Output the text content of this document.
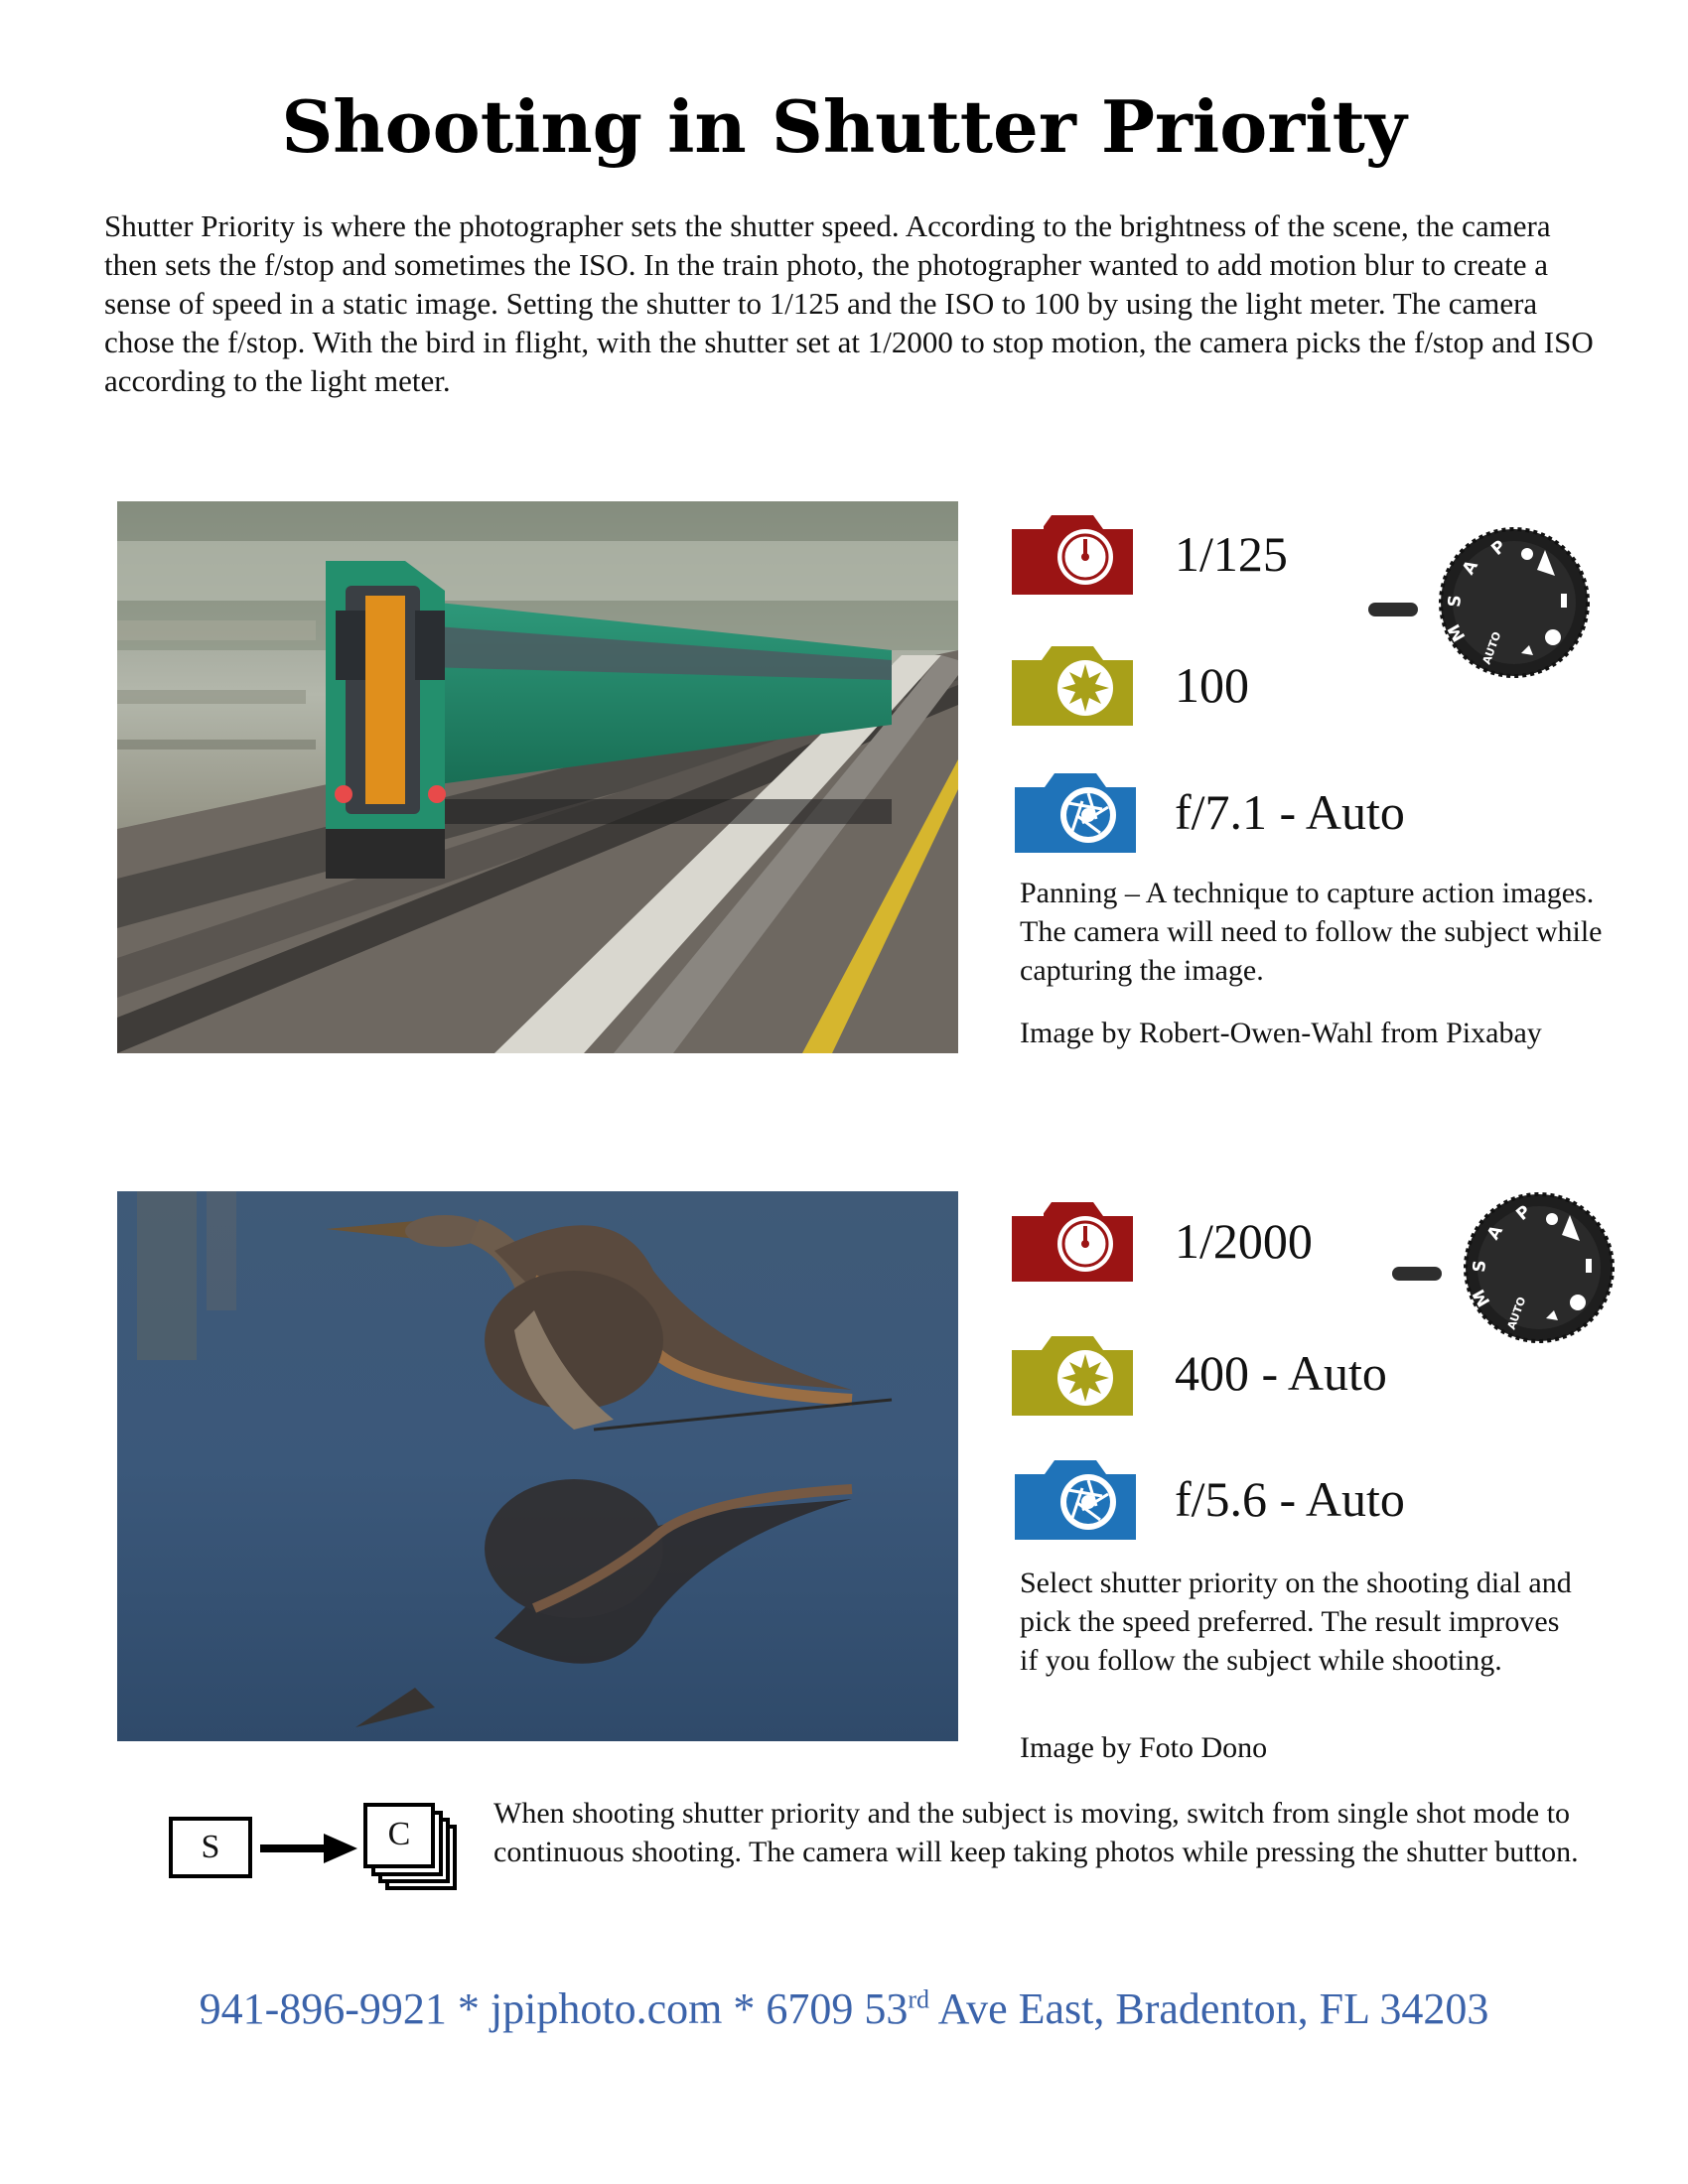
Shooting in Shutter Priority
Shutter Priority is where the photographer sets the shutter speed. According to the brightness of the scene, the camera then sets the f/stop and sometimes the ISO. In the train photo, the photographer wanted to add motion blur to create a sense of speed in a static image. Setting the shutter to 1/125 and the ISO to 100 by using the light meter. The camera chose the f/stop. With the bird in flight, with the shutter set at 1/2000 to stop motion, the camera picks the f/stop and ISO according to the light meter.
1/125
100
f/7.1 - Auto
P
A
S
M AUTO
Panning – A technique to capture action images. The camera will need to follow the subject while capturing the image.
Image by Robert-Owen-Wahl from Pixabay
1/2000
400 - Auto
f/5.6 - Auto
P
A
S
M AUTO
Select shutter priority on the shooting dial and pick the speed preferred. The result improves if you follow the subject while shooting.
Image by Foto Dono
S	C
When shooting shutter priority and the subject is moving, switch from single shot mode to continuous shooting. The camera will keep taking photos while pressing the shutter button.
941-896-9921 * jpiphoto.com * 6709 53rd Ave East, Bradenton, FL 34203
